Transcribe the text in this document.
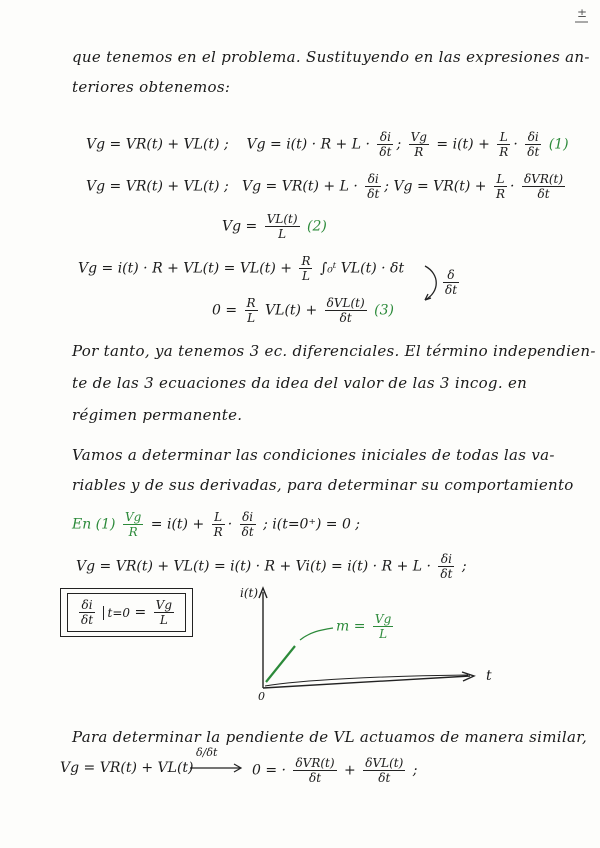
±
que tenemos en el problema. Sustituyendo en las expresiones an-
teriores obtenemos:
Vg = VR(t) + VL(t) ; $Vg = i(t) \cdot R + L \cdot \frac{\delta i}{\delta t}$ ; $\frac{Vg}{R} = i(t) + \frac{L}{R} \cdot \frac{\delta i}{\delta t} (1)$
Vg = VR(t) + VL(t) ; $Vg = VR(t) + L \cdot \frac{\delta i}{\delta t}$ ; $Vg = VR(t) + \frac{L}{R} \cdot \frac{\text{δVR(t)}}{\delta t}$
$Vg = \frac{VL(t)}{L} (2)$
$Vg = i(t) \cdot R + VL(t) = VL(t) + \frac{R}{L}$ ∫₀ᵗ VL(t) · δt	$\frac{\delta}{\delta t}$
$0 = \frac{R}{L} VL(t) + \frac{\text{δVL(t)}}{\delta t} (3)$
Por tanto, ya tenemos 3 ec. diferenciales. El término independien-
te de las 3 ecuaciones da idea del valor de las 3 incog. en
régimen permanente.
Vamos a determinar las condiciones iniciales de todas las va-
riables y de sus derivadas, para determinar su comportamiento
En $(1) \frac{Vg}{R} = i(t) + \frac{L}{R} \cdot \frac{\delta i}{\delta t}$ ; i(t=0⁺) = 0 ;
$Vg = VR(t) + VL(t) = i(t) \cdot R + Vi(t) = i(t) \cdot R + L \cdot \frac{\delta i}{\delta t}$ ;
$\frac{\delta i}{\delta t} t=0 = \frac{Vg}{L}$
i(t)
t
0
$m = \frac{Vg}{L}$
Para determinar la pendiente de VL actuamos de manera similar,
Vg = VR(t) + VL(t)
δ/δt
0 = · $\frac{\text{δVR(t)}}{\delta t} + \frac{\text{δVL(t)}}{\delta t}$ ;
